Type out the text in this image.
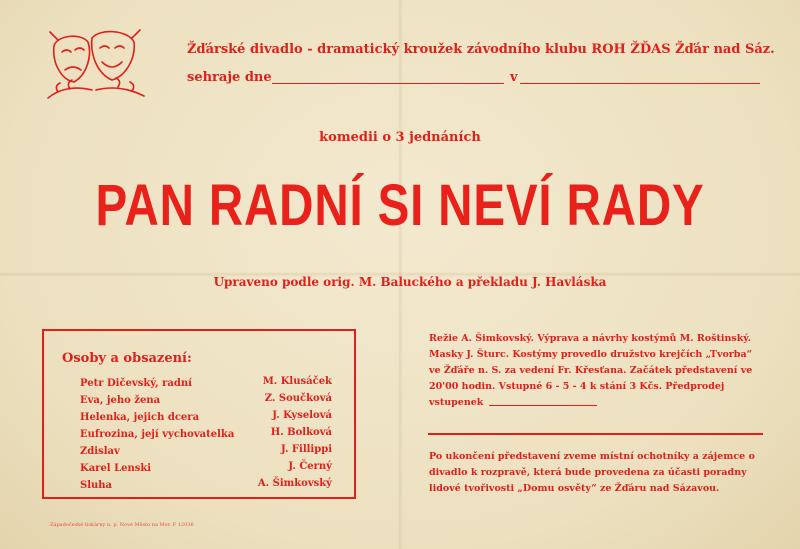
Žďárské divadlo - dramatický kroužek závodního klubu ROH ŽĎAS Žďár nad Sáz.
sehraje dne	v
komedii o 3 jednáních
PAN RADNÍ SI NEVÍ RADY
Upraveno podle orig. M. Baluckého a překladu J. Havláska
Osoby a obsazení:
Petr Dičevský, radní	M. Klusáček
Eva, jeho žena	Z. Součková
Helenka, jejich dcera	J. Kyselová
Eufrozina, její vychovatelka	H. Bolková
Zdislav	J. Fillippi
Karel Lenski	J. Černý
Sluha	A. Šimkovský
Režie A. Šimkovský. Výprava a návrhy kostýmů M. Roštinský. Masky J. Šturc. Kostýmy provedlo družstvo krejčích „Tvorba“ ve Žďáře n. S. za vedení Fr. Křesťana. Začátek představení ve 20'00 hodin. Vstupné 6 - 5 - 4 k stání 3 Kčs. Předprodej vstupenek
Po ukončení představení zveme místní ochotníky a zájemce o divadlo k rozpravě, která bude provedena za účasti poradny lidové tvořivosti „Domu osvěty“ ze Žďáru nad Sázavou.
Západočeské tiskárny n. p. Nové Město na Mor. F 12036
